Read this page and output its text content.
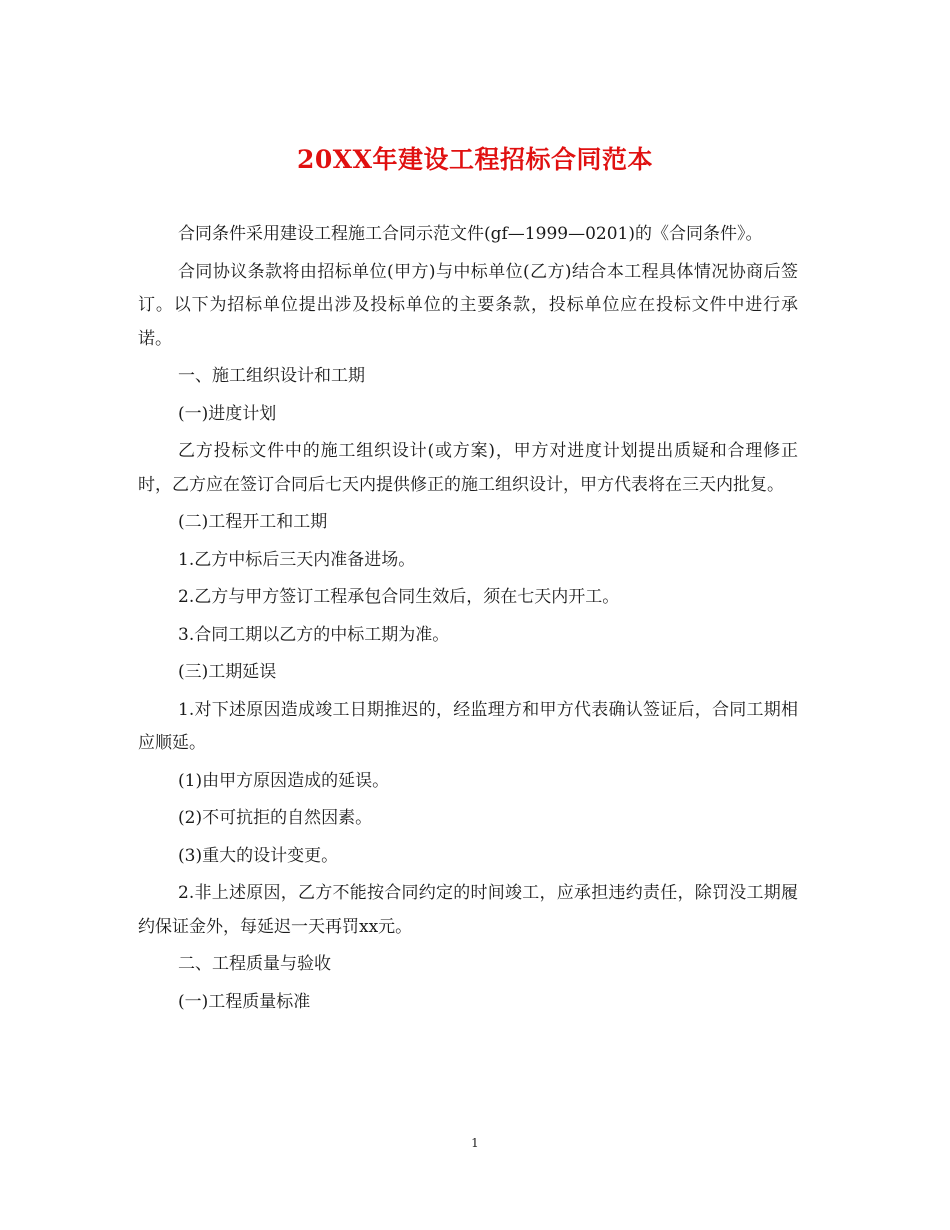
20XX年建设工程招标合同范本

合同条件采用建设工程施工合同示范文件(gf—1999—0201)的《合同条件》。

合同协议条款将由招标单位(甲方)与中标单位(乙方)结合本工程具体情况协商后签订。以下为招标单位提出涉及投标单位的主要条款，投标单位应在投标文件中进行承诺。

一、施工组织设计和工期

(一)进度计划

乙方投标文件中的施工组织设计(或方案)，甲方对进度计划提出质疑和合理修正时，乙方应在签订合同后七天内提供修正的施工组织设计，甲方代表将在三天内批复。

(二)工程开工和工期

1.乙方中标后三天内准备进场。

2.乙方与甲方签订工程承包合同生效后，须在七天内开工。

3.合同工期以乙方的中标工期为准。

(三)工期延误

1.对下述原因造成竣工日期推迟的，经监理方和甲方代表确认签证后，合同工期相应顺延。

(1)由甲方原因造成的延误。

(2)不可抗拒的自然因素。

(3)重大的设计变更。

2.非上述原因，乙方不能按合同约定的时间竣工，应承担违约责任，除罚没工期履约保证金外，每延迟一天再罚xx元。

二、工程质量与验收

(一)工程质量标准

1
